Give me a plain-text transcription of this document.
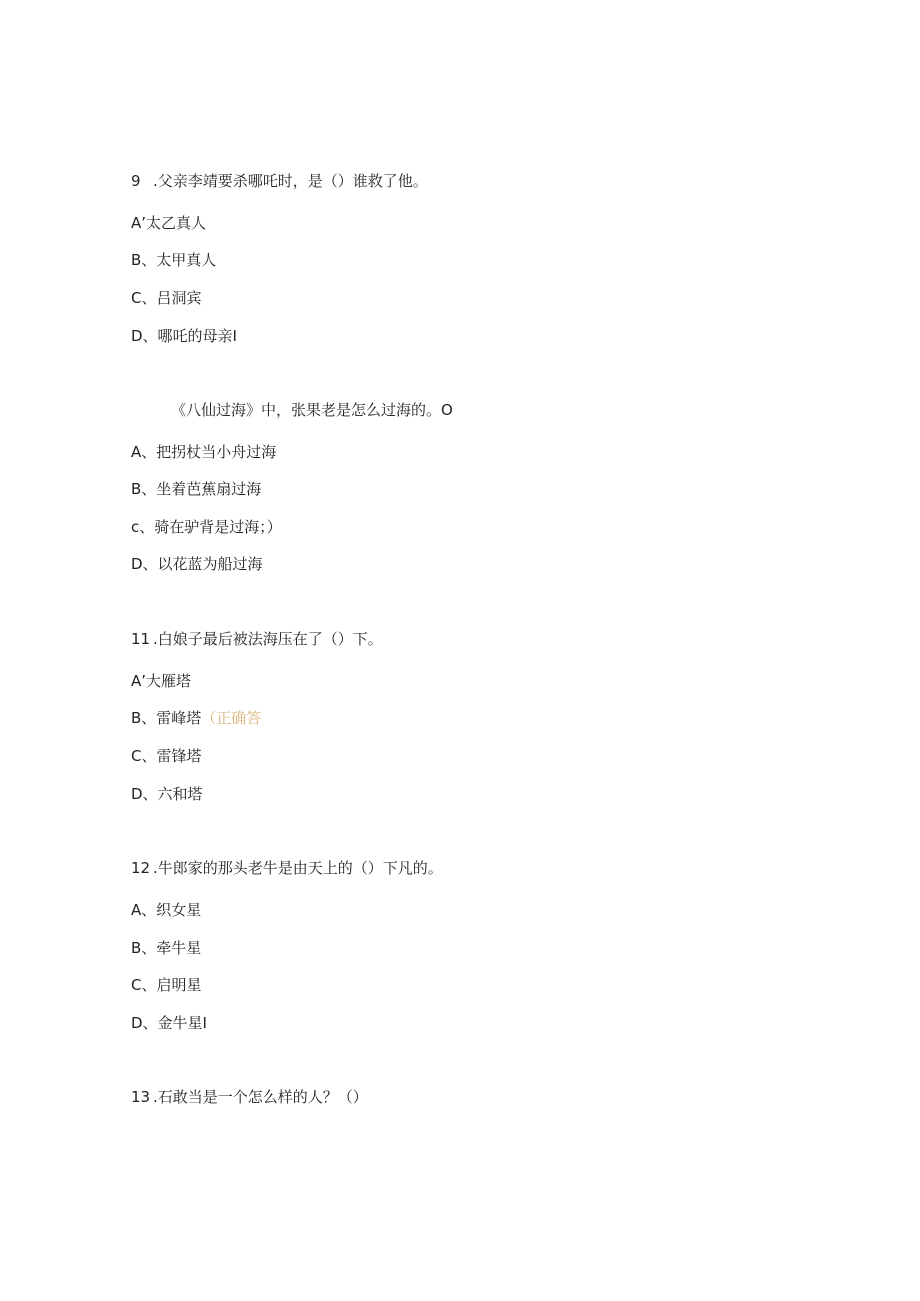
9 .父亲李靖要杀哪吒时，是（）谁救了他。
A’太乙真人
B、太甲真人
C、吕洞宾
D、哪吒的母亲I
《八仙过海》中，张果老是怎么过海的。O
A、把拐杖当小舟过海
B、坐着芭蕉扇过海
c、骑在驴背是过海；）
D、以花蓝为船过海
11 .白娘子最后被法海压在了（）下。
A’大雁塔
B、雷峰塔（正确答
C、雷锋塔
D、六和塔
12 .牛郎家的那头老牛是由天上的（）下凡的。
A、织女星
B、牵牛星
C、启明星
D、金牛星I
13 .石敢当是一个怎么样的人？（）
